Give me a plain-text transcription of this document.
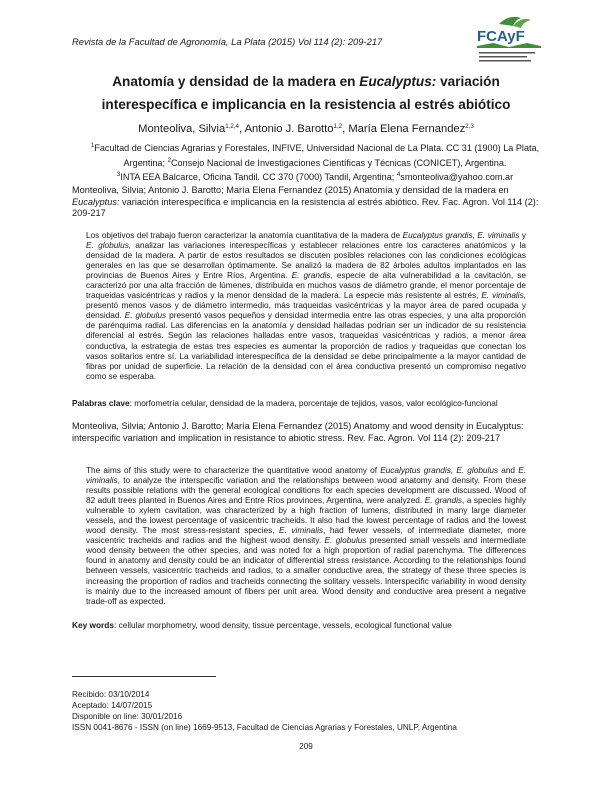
Revista de la Facultad de Agronomía, La Plata (2015) Vol 114 (2): 209-217	FCAyF
Anatomía y densidad de la madera en Eucalyptus: variación
interespecífica e implicancia en la resistencia al estrés abiótico
Monteoliva, Silvia$^{1,2,4}$, Antonio J. Barotto$^{1,2}$, María Elena Fernandez$^{2,3}$
$^1$Facultad de Ciencias Agrarias y Forestales, INFIVE, Universidad Nacional de La Plata. CC 31 (1900) La Plata, Argentina; $^2$Consejo Nacional de Investigaciones Científicas y Técnicas (CONICET), Argentina.
$^3$INTA EEA Balcarce, Oficina Tandil. CC 370 (7000) Tandil, Argentina; $^4$smonteoliva@yahoo.com.ar
Monteoliva, Silvia; Antonio J. Barotto; María Elena Fernandez (2015) Anatomía y densidad de la madera en Eucalyptus: variación interespecífica e implicancia en la resistencia al estrés abiótico. Rev. Fac. Agron. Vol 114 (2): 209-217
Los objetivos del trabajo fueron caracterizar la anatomía cuantitativa de la madera de Eucalyptus grandis, E. viminalis y E. globulus, analizar las variaciones interespecíficas y establecer relaciones entre los caracteres anatómicos y la densidad de la madera. A partir de estos resultados se discuten posibles relaciones con las condiciones ecológicas generales en las que se desarrollan óptimamente. Se analizó la madera de 82 árboles adultos implantados en las provincias de Buenos Aires y Entre Ríos, Argentina. E. grandis, especie de alta vulnerabilidad a la cavitación, se caracterizó por una alta fracción de lúmenes, distribuida en muchos vasos de diámetro grande, el menor porcentaje de traqueidas vasicéntricas y radios y la menor densidad de la madera. La especie más resistente al estrés, E. viminalis, presentó menos vasos y de diámetro intermedio, más traqueidas vasicéntricas y la mayor área de pared ocupada y densidad. E. globulus presentó vasos pequeños y densidad intermedia entre las otras especies, y una alta proporción de parénquima radial. Las diferencias en la anatomía y densidad halladas podrían ser un indicador de su resistencia diferencial al estrés. Según las relaciones halladas entre vasos, traqueidas vasicéntricas y radios, a menor área conductiva, la estrategia de estas tres especies es aumentar la proporción de radios y traqueidas que conectan los vasos solitarios entre sí. La variabilidad interespecífica de la densidad se debe principalmente a la mayor cantidad de fibras por unidad de superficie. La relación de la densidad con el área conductiva presentó un compromiso negativo como se esperaba.
Palabras clave: morfometría celular, densidad de la madera, porcentaje de tejidos, vasos, valor ecológico-funcional
Monteoliva, Silvia; Antonio J. Barotto; María Elena Fernandez (2015) Anatomy and wood density in Eucalyptus: interspecific variation and implication in resistance to abiotic stress. Rev. Fac. Agron. Vol 114 (2): 209-217
The aims of this study were to characterize the quantitative wood anatomy of Eucalyptus grandis, E. globulus and E. viminalis, to analyze the interspecific variation and the relationships between wood anatomy and density. From these results possible relations with the general ecological conditions for each species development are discussed. Wood of 82 adult trees planted in Buenos Aires and Entre Ríos provinces, Argentina, were analyzed. E. grandis, a species highly vulnerable to xylem cavitation, was characterized by a high fraction of lumens, distributed in many large diameter vessels, and the lowest percentage of vasicentric tracheids. It also had the lowest percentage of radios and the lowest wood density. The most stress-resistant species, E. viminalis, had fewer vessels, of intermediate diameter, more vasicentric tracheids and radios and the highest wood density. E. globulus presented small vessels and intermediate wood density between the other species, and was noted for a high proportion of radial parenchyma. The differences found in anatomy and density could be an indicator of differential stress resistance. According to the relationships found between vessels, vasicentric tracheids and radios, to a smaller conductive area, the strategy of these three species is increasing the proportion of radios and tracheids connecting the solitary vessels. Interspecific variability in wood density is mainly due to the increased amount of fibers per unit area. Wood density and conductive area present a negative trade-off as expected.
Key words: cellular morphometry, wood density, tissue percentage, vessels, ecological functional value
Recibido: 03/10/2014
Aceptado: 14/07/2015
Disponible on line: 30/01/2016
ISSN 0041-8676 - ISSN (on line) 1669-9513, Facultad de Ciencias Agrarias y Forestales, UNLP, Argentina
209
